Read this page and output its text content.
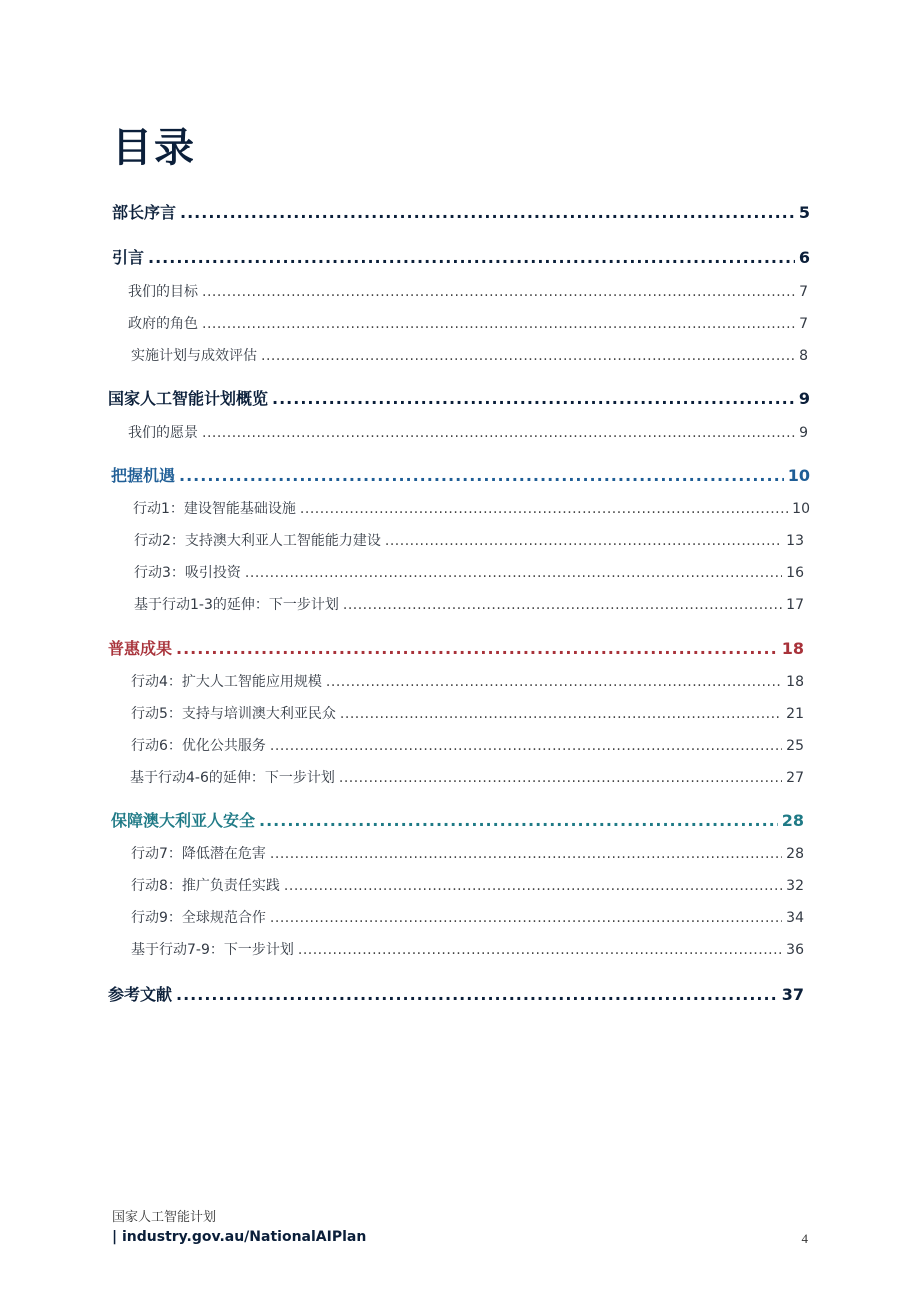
目录
部长序言 .....	5
引言 .....	6
我们的目标 .....	7
政府的角色 .....	7
实施计划与成效评估 .....	8
国家人工智能计划概览 .....	9
我们的愿景 .....	9
把握机遇 .....	10
行动1：建设智能基础设施 .....	10
行动2：支持澳大利亚人工智能能力建设 .....	13
行动3：吸引投资 .....	16
基于行动1-3的延伸：下一步计划 .....	17
普惠成果 .....	18
行动4：扩大人工智能应用规模 .....	18
行动5：支持与培训澳大利亚民众 .....	21
行动6：优化公共服务 .....	25
基于行动4-6的延伸：下一步计划 .....	27
保障澳大利亚人安全 .....	28
行动7：降低潜在危害 .....	28
行动8：推广负责任实践 .....	32
行动9：全球规范合作 .....	34
基于行动7-9：下一步计划 .....	36
参考文献 .....	37
国家人工智能计划
| industry.gov.au/NationalAIPlan	4
